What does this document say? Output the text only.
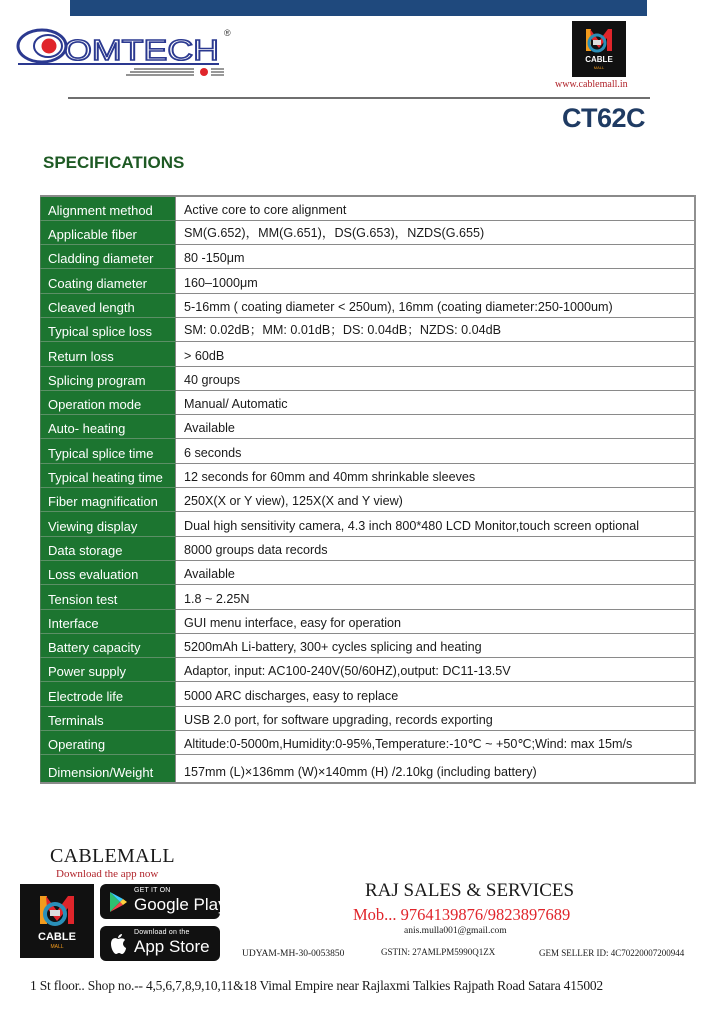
OMTECH
®
CABLE
MALL
www.cablemall.in
CT62C
SPECIFICATIONS
Alignment method	Active core to core alignment
Applicable fiber	SM(G.652)，MM(G.651)，DS(G.653)，NZDS(G.655)
Cladding diameter	80 -150μm
Coating diameter	160–1000μm
Cleaved length	5-16mm ( coating diameter < 250um), 16mm (coating diameter:250-1000um)
Typical splice loss	SM: 0.02dB；MM: 0.01dB；DS: 0.04dB；NZDS: 0.04dB
Return loss	> 60dB
Splicing program	40 groups
Operation mode	Manual/ Automatic
Auto- heating	Available
Typical splice time	6 seconds
Typical heating time	12 seconds for 60mm and 40mm shrinkable sleeves
Fiber magnification	250X(X or Y view), 125X(X and Y view)
Viewing display	Dual high sensitivity camera, 4.3 inch 800*480 LCD Monitor,touch screen optional
Data storage	8000 groups data records
Loss evaluation	Available
Tension test	1.8 ~ 2.25N
Interface	GUI menu interface, easy for operation
Battery capacity	5200mAh Li-battery, 300+ cycles splicing and heating
Power supply	Adaptor, input: AC100-240V(50/60HZ),output: DC11-13.5V
Electrode life	5000 ARC discharges, easy to replace
Terminals	USB 2.0 port, for software upgrading, records exporting
Operating	Altitude:0-5000m,Humidity:0-95%,Temperature:-10℃ ~ +50℃;Wind: max 15m/s
Dimension/Weight	157mm (L)×136mm (W)×140mm (H) /2.10kg (including battery)
CABLEMALL
Download the app now
CABLE
MALL
GET IT ON
Google Play
Download on the
App Store
RAJ SALES & SERVICES
Mob... 9764139876/9823897689
anis.mulla001@gmail.com
UDYAM-MH-30-0053850	GSTIN: 27AMLPM5990Q1ZX	GEM SELLER ID: 4C70220007200944
1 St floor.. Shop no.-- 4,5,6,7,8,9,10,11&18 Vimal Empire near Rajlaxmi Talkies Rajpath Road Satara 415002
